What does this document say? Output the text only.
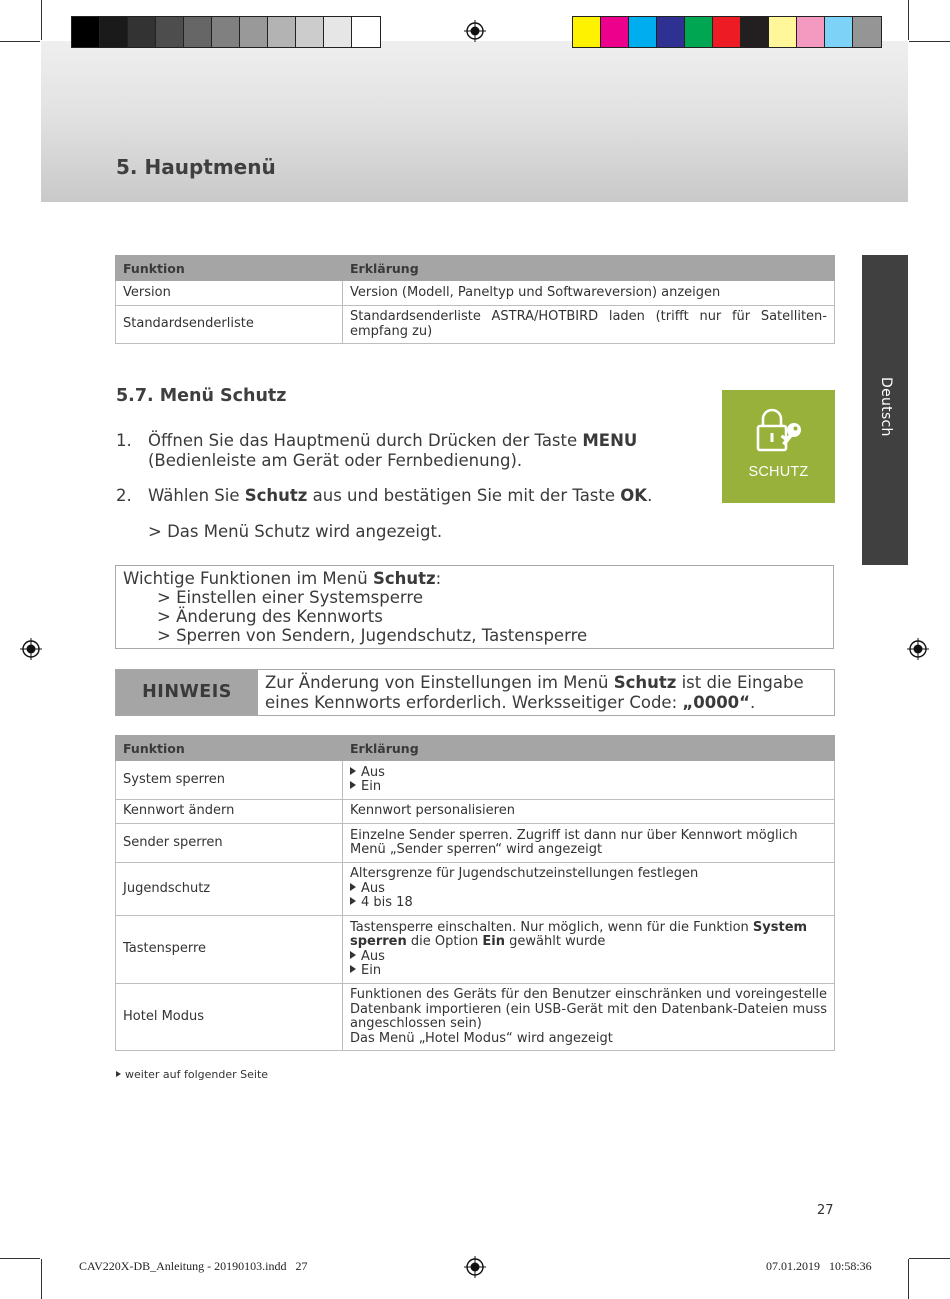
5. Hauptmenü
Deutsch
Funktion	Erklärung
Version	Version (Modell, Paneltyp und Softwareversion) anzeigen
Standardsenderliste	Standardsenderliste ASTRA/HOTBIRD laden (trifft nur für Satelliten-empfang zu)
5.7. Menü Schutz
1. Öffnen Sie das Hauptmenü durch Drücken der Taste MENU
(Bedienleiste am Gerät oder Fernbedienung).
2. Wählen Sie Schutz aus und bestätigen Sie mit der Taste OK.
> Das Menü Schutz wird angezeigt.
SCHUTZ
Wichtige Funktionen im Menü Schutz:
> Einstellen einer Systemsperre
> Änderung des Kennworts
> Sperren von Sendern, Jugendschutz, Tastensperre
HINWEIS	Zur Änderung von Einstellungen im Menü Schutz ist die Eingabe
eines Kennworts erforderlich. Werksseitiger Code: „0000“.
Funktion	Erklärung
System sperren	Aus
Ein
Kennwort ändern	Kennwort personalisieren
Sender sperren	Einzelne Sender sperren. Zugriff ist dann nur über Kennwort möglich
Menü „Sender sperren“ wird angezeigt
Jugendschutz	Altersgrenze für Jugendschutzeinstellungen festlegen
Aus
4 bis 18
Tastensperre	Tastensperre einschalten. Nur möglich, wenn für die Funktion System sperren die Option Ein gewählt wurde
Aus
Ein
Hotel Modus	Funktionen des Geräts für den Benutzer einschränken und voreingestelle Datenbank importieren (ein USB-Gerät mit den Datenbank-Dateien muss angeschlossen sein)
Das Menü „Hotel Modus“ wird angezeigt
weiter auf folgender Seite
27
CAV220X-DB_Anleitung - 20190103.indd   27	07.01.2019   10:58:36
